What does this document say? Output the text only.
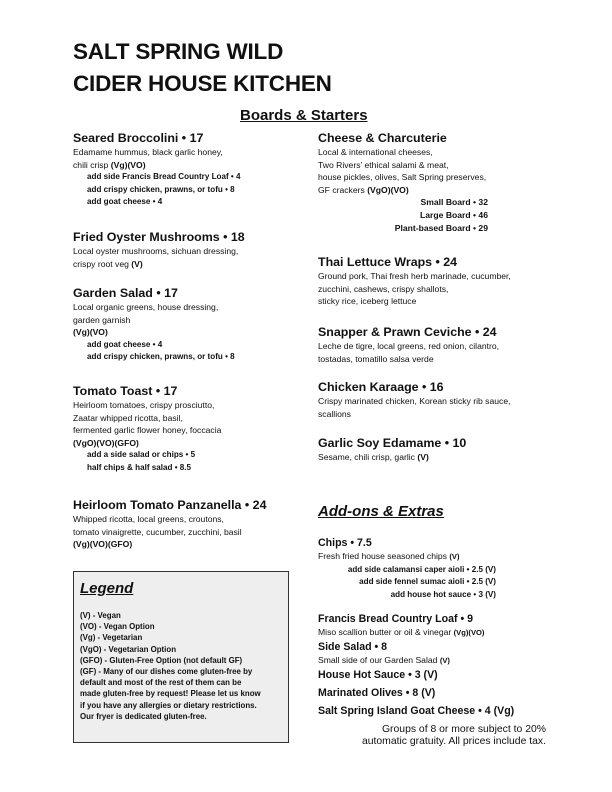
SALT SPRING WILD
CIDER HOUSE KITCHEN
Boards & Starters
Seared Broccolini • 17
Edamame hummus, black garlic honey,
chili crisp (Vg)(VO)
add side Francis Bread Country Loaf • 4
add crispy chicken, prawns, or tofu • 8
add goat cheese • 4
Fried Oyster Mushrooms • 18
Local oyster mushrooms, sichuan dressing,
crispy root veg (V)
Garden Salad • 17
Local organic greens, house dressing,
garden garnish
(Vg)(VO)
add goat cheese • 4
add crispy chicken, prawns, or tofu • 8
Tomato Toast • 17
Heirloom tomatoes, crispy prosciutto,
Zaatar whipped ricotta, basil,
fermented garlic flower honey, foccacia
(VgO)(VO)(GFO)
add a side salad or chips • 5
half chips & half salad • 8.5
Heirloom Tomato Panzanella • 24
Whipped ricotta, local greens, croutons,
tomato vinaigrette, cucumber, zucchini, basil
(Vg)(VO)(GFO)
Legend
(V) - Vegan
(VO) - Vegan Option
(Vg) - Vegetarian
(VgO) - Vegetarian Option
(GFO) - Gluten-Free Option (not default GF)
(GF) - Many of our dishes come gluten-free by
default and most of the rest of them can be
made gluten-free by request! Please let us know
if you have any allergies or dietary restrictions.
Our fryer is dedicated gluten-free.
Cheese & Charcuterie
Local & international cheeses,
Two Rivers’ ethical salami & meat,
house pickles, olives, Salt Spring preserves,
GF crackers (VgO)(VO)
Small Board • 32
Large Board • 46
Plant-based Board • 29
Thai Lettuce Wraps • 24
Ground pork, Thai fresh herb marinade, cucumber,
zucchini, cashews, crispy shallots,
sticky rice, iceberg lettuce
Snapper & Prawn Ceviche • 24
Leche de tigre, local greens, red onion, cilantro,
tostadas, tomatillo salsa verde
Chicken Karaage • 16
Crispy marinated chicken, Korean sticky rib sauce,
scallions
Garlic Soy Edamame • 10
Sesame, chili crisp, garlic (V)
Add-ons & Extras
Chips • 7.5
Fresh fried house seasoned chips (V)
add side calamansi caper aioli • 2.5 (V)
add side fennel sumac aioli • 2.5 (V)
add house hot sauce • 3 (V)
Francis Bread Country Loaf • 9
Miso scallion butter or oil & vinegar (Vg)(VO)
Side Salad • 8
Small side of our Garden Salad (V)
House Hot Sauce • 3 (V)
Marinated Olives • 8 (V)
Salt Spring Island Goat Cheese • 4 (Vg)
Groups of 8 or more subject to 20%
automatic gratuity. All prices include tax.
